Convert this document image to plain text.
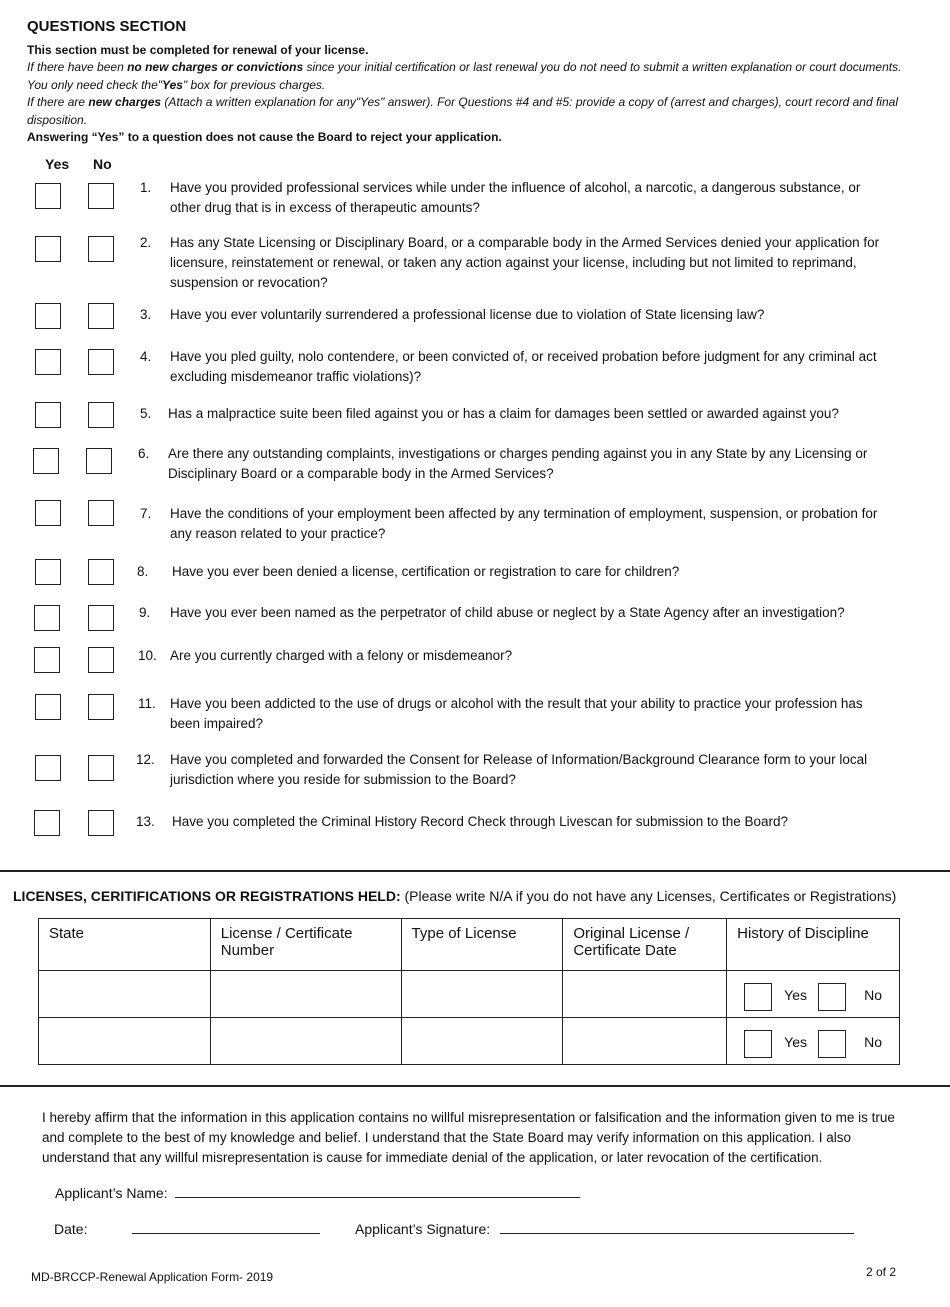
QUESTIONS SECTION
This section must be completed for renewal of your license.
If there have been no new charges or convictions since your initial certification or last renewal you do not need to submit a written explanation or court documents.
You only need check the"Yes" box for previous charges.
If there are new charges (Attach a written explanation for any"Yes" answer). For Questions #4 and #5: provide a copy of (arrest and charges), court record and final disposition.
Answering “Yes” to a question does not cause the Board to reject your application.
Yes No
1. Have you provided professional services while under the influence of alcohol, a narcotic, a dangerous substance, or other drug that is in excess of therapeutic amounts?
2. Has any State Licensing or Disciplinary Board, or a comparable body in the Armed Services denied your application for licensure, reinstatement or renewal, or taken any action against your license, including but not limited to reprimand, suspension or revocation?
3. Have you ever voluntarily surrendered a professional license due to violation of State licensing law?
4. Have you pled guilty, nolo contendere, or been convicted of, or received probation before judgment for any criminal act excluding misdemeanor traffic violations)?
5. Has a malpractice suite been filed against you or has a claim for damages been settled or awarded against you?
6. Are there any outstanding complaints, investigations or charges pending against you in any State by any Licensing or Disciplinary Board or a comparable body in the Armed Services?
7. Have the conditions of your employment been affected by any termination of employment, suspension, or probation for any reason related to your practice?
8. Have you ever been denied a license, certification or registration to care for children?
9. Have you ever been named as the perpetrator of child abuse or neglect by a State Agency after an investigation?
10. Are you currently charged with a felony or misdemeanor?
11. Have you been addicted to the use of drugs or alcohol with the result that your ability to practice your profession has been impaired?
12. Have you completed and forwarded the Consent for Release of Information/Background Clearance form to your local jurisdiction where you reside for submission to the Board?
13. Have you completed the Criminal History Record Check through Livescan for submission to the Board?
LICENSES, CERITIFICATIONS OR REGISTRATIONS HELD: (Please write N/A if you do not have any Licenses, Certificates or Registrations)
State	License / Certificate Number	Type of License	Original License / Certificate Date	History of Discipline

				Yes No

				Yes No
I hereby affirm that the information in this application contains no willful misrepresentation or falsification and the information given to me is true and complete to the best of my knowledge and belief. I understand that the State Board may verify information on this application. I also understand that any willful misrepresentation is cause for immediate denial of the application, or later revocation of the certification.
Applicant’s Name:
Date:	Applicant’s Signature:
MD-BRCCP-Renewal Application Form- 2019	2 of 2
